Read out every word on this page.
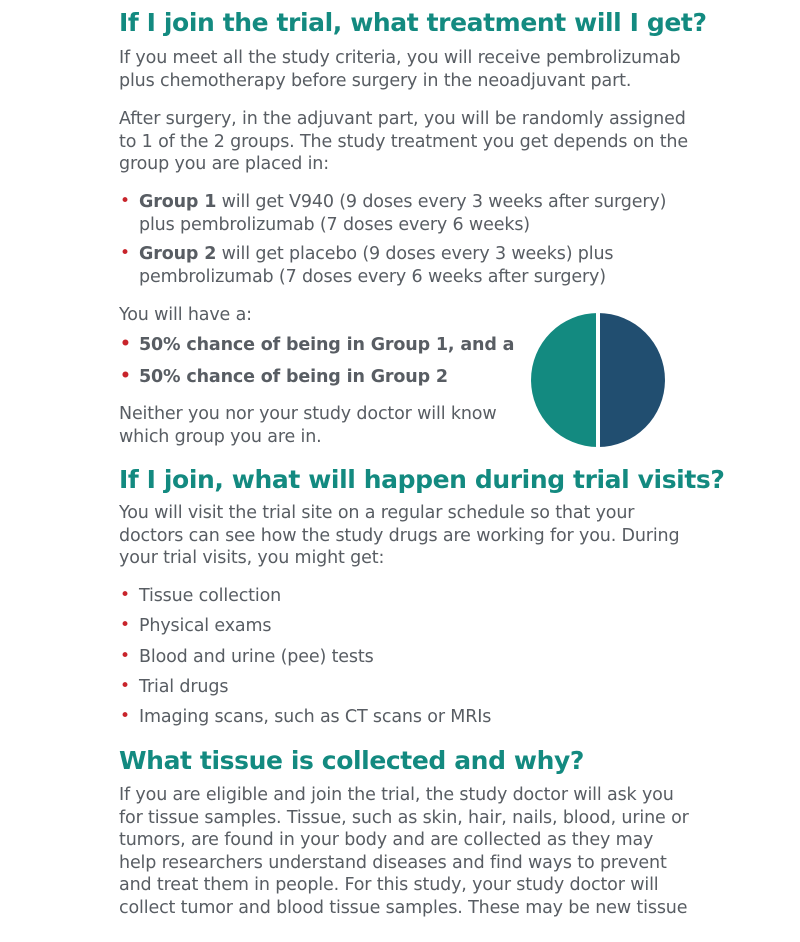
If I join the trial, what treatment will I get?

If you meet all the study criteria, you will receive pembrolizumab plus chemotherapy before surgery in the neoadjuvant part.

After surgery, in the adjuvant part, you will be randomly assigned to 1 of the 2 groups. The study treatment you get depends on the group you are placed in:

• Group 1 will get V940 (9 doses every 3 weeks after surgery) plus pembrolizumab (7 doses every 6 weeks)
• Group 2 will get placebo (9 doses every 3 weeks) plus pembrolizumab (7 doses every 6 weeks after surgery)

You will have a:

• 50% chance of being in Group 1, and a
• 50% chance of being in Group 2

Neither you nor your study doctor will know which group you are in.

If I join, what will happen during trial visits?

You will visit the trial site on a regular schedule so that your doctors can see how the study drugs are working for you. During your trial visits, you might get:

• Tissue collection
• Physical exams
• Blood and urine (pee) tests
• Trial drugs
• Imaging scans, such as CT scans or MRIs
What tissue is collected and why?

If you are eligible and join the trial, the study doctor will ask you for tissue samples. Tissue, such as skin, hair, nails, blood, urine or tumors, are found in your body and are collected as they may help researchers understand diseases and find ways to prevent and treat them in people. For this study, your study doctor will collect tumor and blood tissue samples. These may be new tissue
